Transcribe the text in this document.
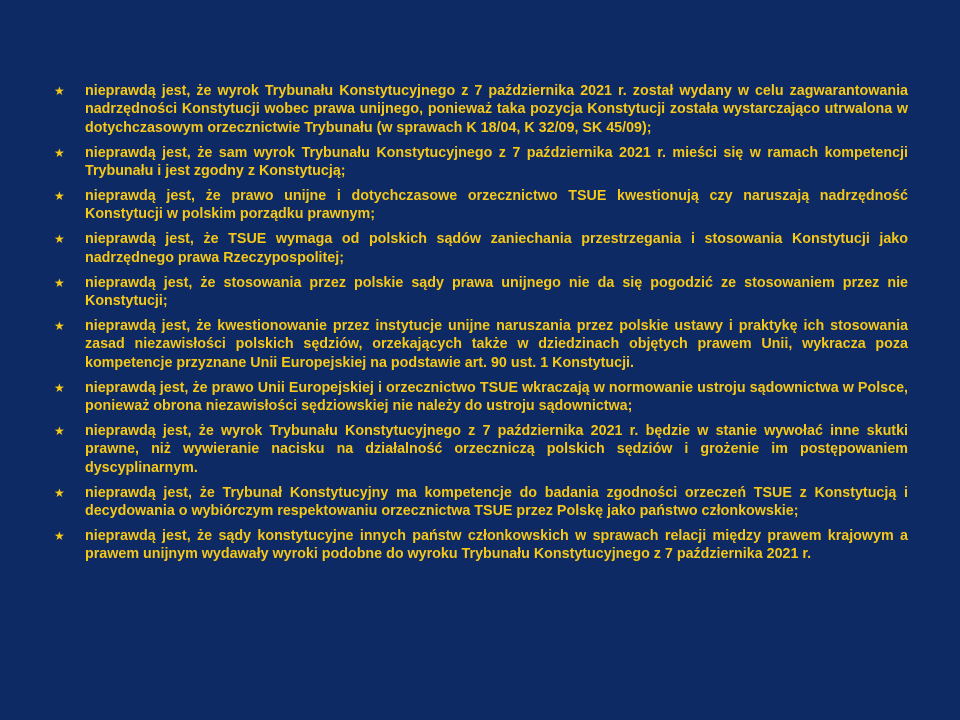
★	nieprawdą jest, że wyrok Trybunału Konstytucyjnego z 7 października 2021 r. został wydany w celu zagwarantowania nadrzędności Konstytucji wobec prawa unijnego, ponieważ taka pozycja Konstytucji została wystarczająco utrwalona w dotychczasowym orzecznictwie Trybunału (w sprawach K 18/04, K 32/09, SK 45/09);
★	nieprawdą jest, że sam wyrok Trybunału Konstytucyjnego z 7 października 2021 r. mieści się w ramach kompetencji Trybunału i jest zgodny z Konstytucją;
★	nieprawdą jest, że prawo unijne i dotychczasowe orzecznictwo TSUE kwestionują czy naruszają nadrzędność Konstytucji w polskim porządku prawnym;
★	nieprawdą jest, że TSUE wymaga od polskich sądów zaniechania przestrzegania i stosowania Konstytucji jako nadrzędnego prawa Rzeczypospolitej;
★	nieprawdą jest, że stosowania przez polskie sądy prawa unijnego nie da się pogodzić ze stosowaniem przez nie Konstytucji;
★	nieprawdą jest, że kwestionowanie przez instytucje unijne naruszania przez polskie ustawy i praktykę ich stosowania zasad niezawisłości polskich sędziów, orzekających także w dziedzinach objętych prawem Unii, wykracza poza kompetencje przyznane Unii Europejskiej na podstawie art. 90 ust. 1 Konstytucji.
★	nieprawdą jest, że prawo Unii Europejskiej i orzecznictwo TSUE wkraczają w normowanie ustroju sądownictwa w Polsce, ponieważ obrona niezawisłości sędziowskiej nie należy do ustroju sądownictwa;
★	nieprawdą jest, że wyrok Trybunału Konstytucyjnego z 7 października 2021 r. będzie w stanie wywołać inne skutki prawne, niż wywieranie nacisku na działalność orzeczniczą polskich sędziów i grożenie im postępowaniem dyscyplinarnym.
★	nieprawdą jest, że Trybunał Konstytucyjny ma kompetencje do badania zgodności orzeczeń TSUE z Konstytucją i decydowania o wybiórczym respektowaniu orzecznictwa TSUE przez Polskę jako państwo członkowskie;
★	nieprawdą jest, że sądy konstytucyjne innych państw członkowskich w sprawach relacji między prawem krajowym a prawem unijnym wydawały wyroki podobne do wyroku Trybunału Konstytucyjnego z 7 października 2021 r.
